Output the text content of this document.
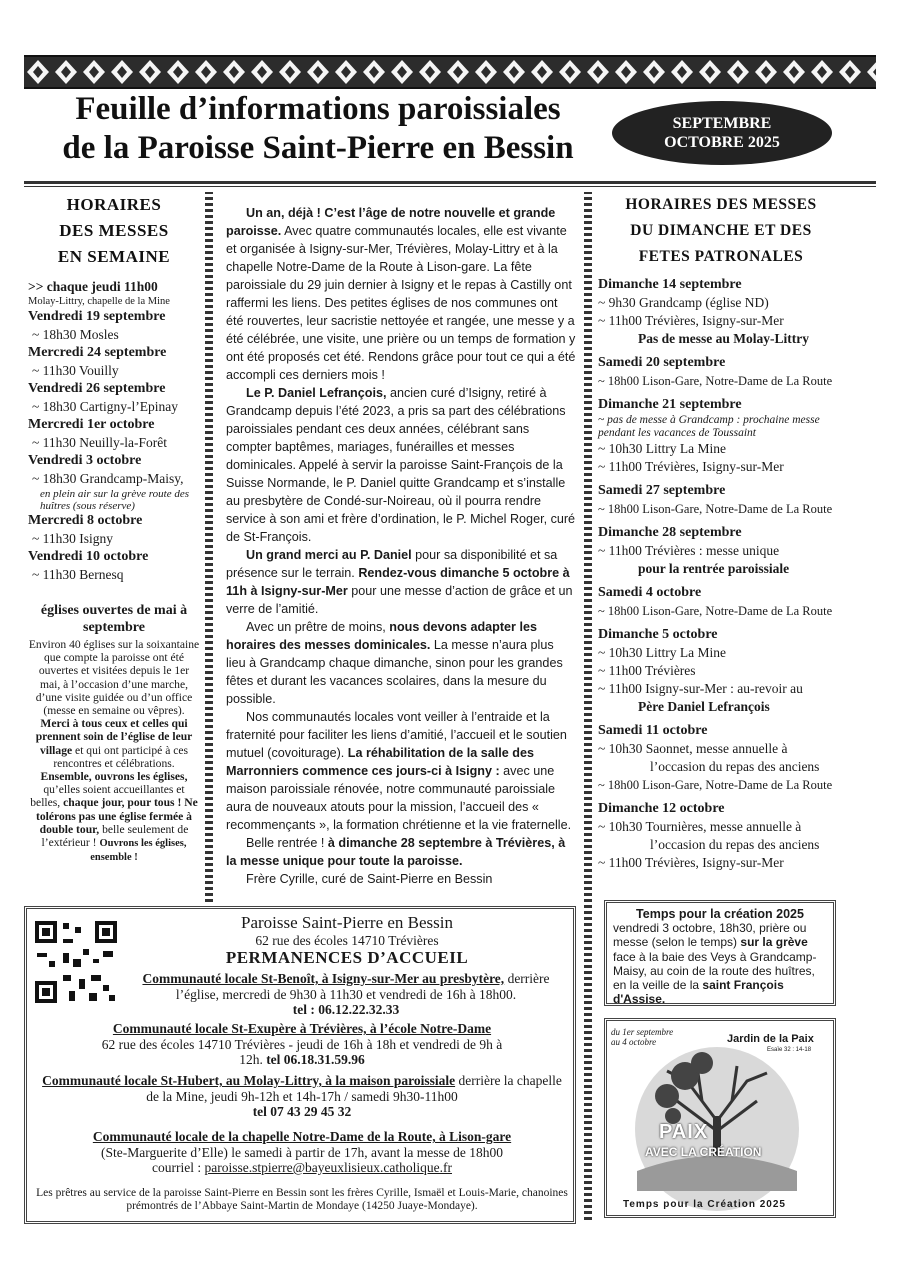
Feuille d’informations paroissiales
de la Paroisse Saint-Pierre en Bessin
SEPTEMBRE
OCTOBRE 2025
HORAIRES
DES MESSES
EN SEMAINE
>> chaque jeudi 11h00
Molay-Littry, chapelle de la Mine
Vendredi 19 septembre
~ 18h30 Mosles
Mercredi 24 septembre
~ 11h30 Vouilly
Vendredi 26 septembre
~ 18h30 Cartigny-l’Epinay
Mercredi 1er octobre
~ 11h30 Neuilly-la-Forêt
Vendredi 3 octobre
~ 18h30 Grandcamp-Maisy,
en plein air sur la grève route des huîtres (sous réserve)
Mercredi 8 octobre
~ 11h30 Isigny
Vendredi 10 octobre
~ 11h30 Bernesq
églises ouvertes de mai à septembre
Environ 40 églises sur la soixantaine que compte la paroisse ont été ouvertes et visitées depuis le 1er mai, à l’occasion d’une marche, d’une visite guidée ou d’un office (messe en semaine ou vêpres). Merci à tous ceux et celles qui prennent soin de l’église de leur village et qui ont participé à ces rencontres et célébrations. Ensemble, ouvrons les églises, qu’elles soient accueillantes et belles, chaque jour, pour tous ! Ne tolérons pas une église fermée à double tour, belle seulement de l’extérieur ! Ouvrons les églises, ensemble !

Un an, déjà ! C’est l’âge de notre nouvelle et grande paroisse. Avec quatre communautés locales, elle est vivante et organisée à Isigny-sur-Mer, Trévières, Molay-Littry et à la chapelle Notre-Dame de la Route à Lison-gare. La fête paroissiale du 29 juin dernier à Isigny et le repas à Castilly ont raffermi les liens. Des petites églises de nos communes ont été rouvertes, leur sacristie nettoyée et rangée, une messe y a été célébrée, une visite, une prière ou un temps de formation y ont été proposés cet été. Rendons grâce pour tout ce qui a été accompli ces derniers mois !

Le P. Daniel Lefrançois, ancien curé d’Isigny, retiré à Grandcamp depuis l’été 2023, a pris sa part des célébrations paroissiales pendant ces deux années, célébrant sans compter baptêmes, mariages, funérailles et messes dominicales. Appelé à servir la paroisse Saint-François de la Suisse Normande, le P. Daniel quitte Grandcamp et s’installe au presbytère de Condé-sur-Noireau, où il pourra rendre service à son ami et frère d’ordination, le P. Michel Roger, curé de St-François.

Un grand merci au P. Daniel pour sa disponibilité et sa présence sur le terrain. Rendez-vous dimanche 5 octobre à 11h à Isigny-sur-Mer pour une messe d’action de grâce et un verre de l’amitié.

Avec un prêtre de moins, nous devons adapter les horaires des messes dominicales. La messe n’aura plus lieu à Grandcamp chaque dimanche, sinon pour les grandes fêtes et durant les vacances scolaires, dans la mesure du possible.

Nos communautés locales vont veiller à l’entraide et la fraternité pour faciliter les liens d’amitié, l’accueil et le soutien mutuel (covoiturage). La réhabilitation de la salle des Marronniers commence ces jours-ci à Isigny : avec une maison paroissiale rénovée, notre communauté paroissiale aura de nouveaux atouts pour la mission, l’accueil des « recommençants », la formation chrétienne et la vie fraternelle.

Belle rentrée ! à dimanche 28 septembre à Trévières, à la messe unique pour toute la paroisse.

Frère Cyrille, curé de Saint-Pierre en Bessin

HORAIRES DES MESSES
DU DIMANCHE ET DES
FETES PATRONALES
Dimanche 14 septembre
~ 9h30 Grandcamp (église ND)
~ 11h00 Trévières, Isigny-sur-Mer
Pas de messe au Molay-Littry
Samedi 20 septembre
~ 18h00 Lison-Gare, Notre-Dame de La Route
Dimanche 21 septembre
~ pas de messe à Grandcamp : prochaine messe pendant les vacances de Toussaint
~ 10h30 Littry La Mine
~ 11h00 Trévières, Isigny-sur-Mer
Samedi 27 septembre
~ 18h00 Lison-Gare, Notre-Dame de La Route
Dimanche 28 septembre
~ 11h00 Trévières : messe unique
pour la rentrée paroissiale
Samedi 4 octobre
~ 18h00 Lison-Gare, Notre-Dame de La Route
Dimanche 5 octobre
~ 10h30 Littry La Mine
~ 11h00 Trévières
~ 11h00 Isigny-sur-Mer : au-revoir au
Père Daniel Lefrançois
Samedi 11 octobre
~ 10h30 Saonnet, messe annuelle à
l’occasion du repas des anciens
~ 18h00 Lison-Gare, Notre-Dame de La Route
Dimanche 12 octobre
~ 10h30 Tournières, messe annuelle à
l’occasion du repas des anciens
~ 11h00 Trévières, Isigny-sur-Mer
Temps pour la création 2025
vendredi 3 octobre, 18h30, prière ou messe (selon le temps) sur la grève face à la baie des Veys à Grandcamp-Maisy, au coin de la route des huîtres, en la veille de la saint François d'Assise.
du 1er septembre au 4 octobre	Jardin de la Paix
Esaïe 32 : 14-18
PAIX
AVEC LA CRÉATION
Temps pour la Création 2025
Paroisse Saint-Pierre en Bessin
62 rue des écoles 14710 Trévières
PERMANENCES D’ACCUEIL
Communauté locale St-Benoît, à Isigny-sur-Mer au presbytère, derrière l’église, mercredi de 9h30 à 11h30 et vendredi de 16h à 18h00.
tel : 06.12.22.32.33
Communauté locale St-Exupère à Trévières, à l’école Notre-Dame
62 rue des écoles 14710 Trévières - jeudi de 16h à 18h et vendredi de 9h à 12h. tel 06.18.31.59.96
Communauté locale St-Hubert, au Molay-Littry, à la maison paroissiale derrière la chapelle de la Mine, jeudi 9h-12h et 14h-17h / samedi 9h30-11h00
tel 07 43 29 45 32
Communauté locale de la chapelle Notre-Dame de la Route, à Lison-gare
(Ste-Marguerite d’Elle) le samedi à partir de 17h, avant la messe de 18h00
courriel : paroisse.stpierre@bayeuxlisieux.catholique.fr
Les prêtres au service de la paroisse Saint-Pierre en Bessin sont les frères Cyrille, Ismaël et Louis-Marie, chanoines prémontrés de l’Abbaye Saint-Martin de Mondaye (14250 Juaye-Mondaye).
